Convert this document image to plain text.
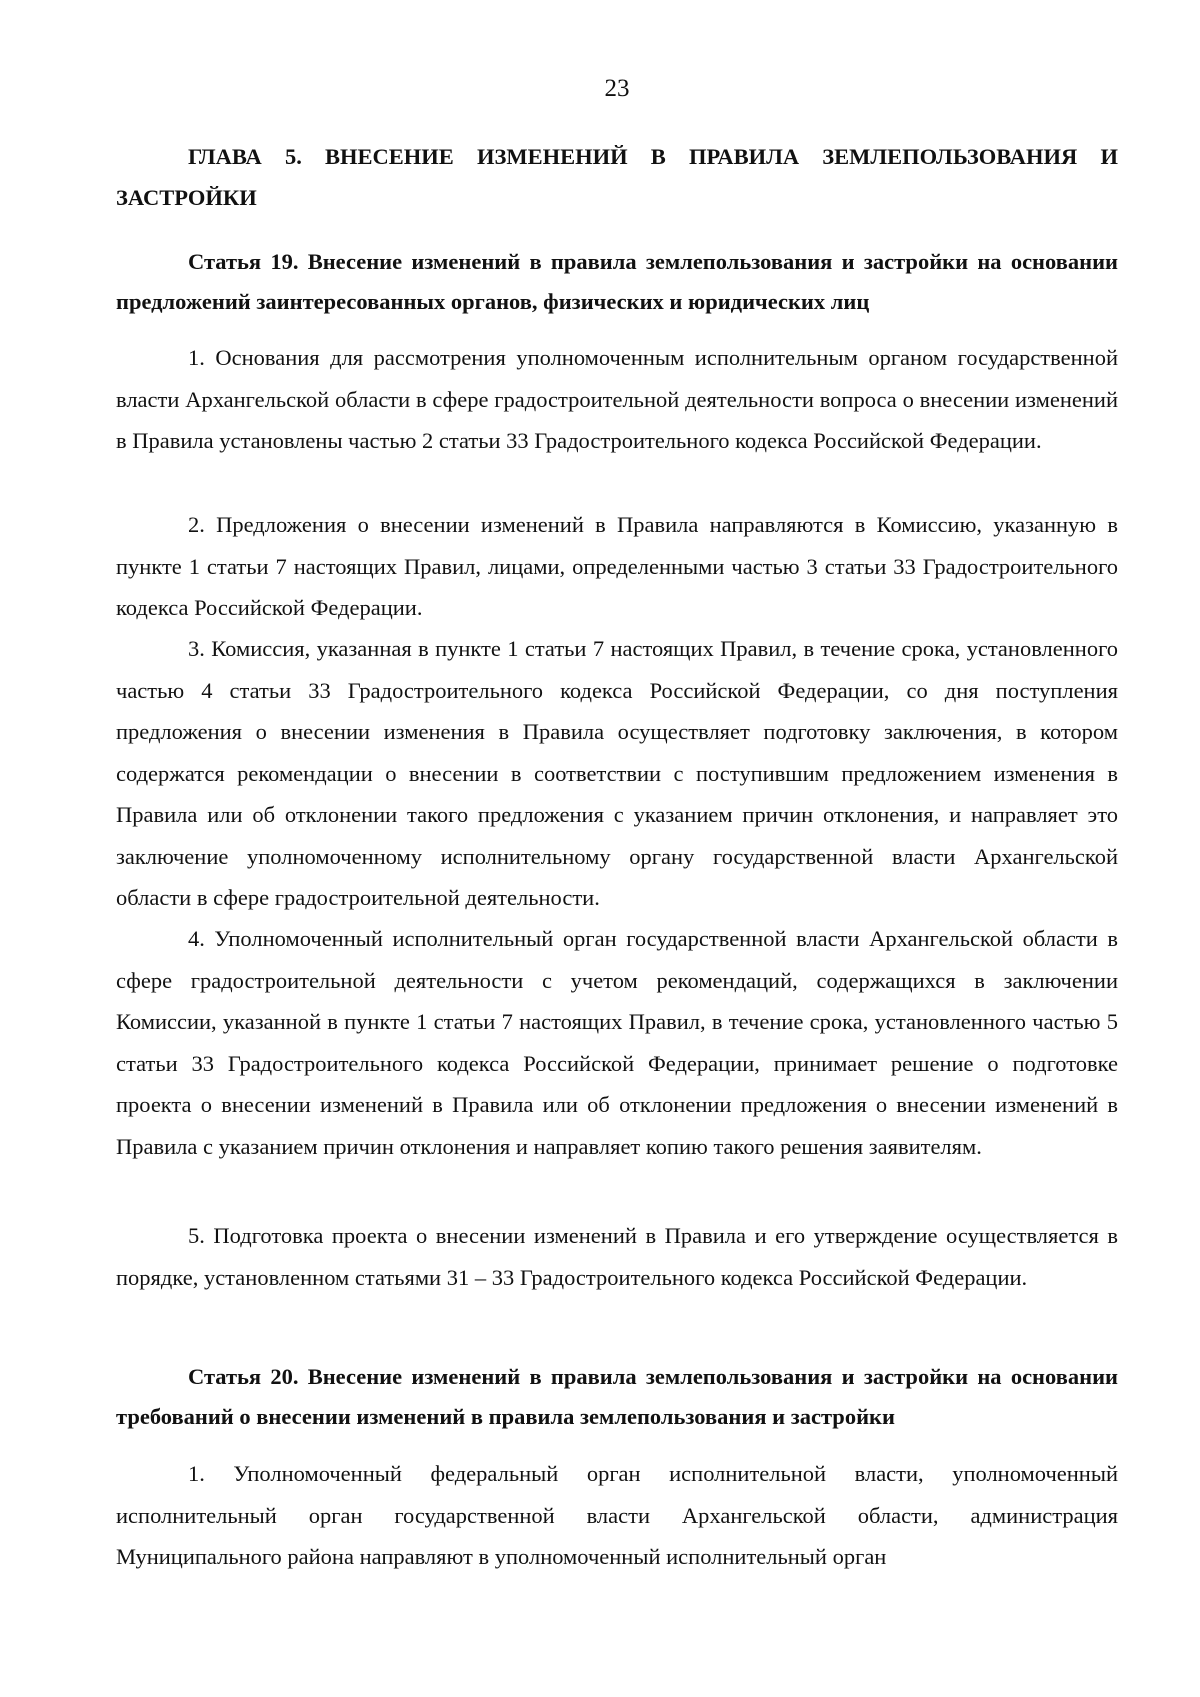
23
ГЛАВА 5. ВНЕСЕНИЕ ИЗМЕНЕНИЙ В ПРАВИЛА ЗЕМЛЕПОЛЬЗОВАНИЯ И ЗАСТРОЙКИ
Статья 19. Внесение изменений в правила землепользования и застройки на основании предложений заинтересованных органов, физических и юридических лиц

1. Основания для рассмотрения уполномоченным исполнительным органом государственной власти Архангельской области в сфере градостроительной деятельности вопроса о внесении изменений в Правила установлены частью 2 статьи 33 Градостроительного кодекса Российской Федерации.

2. Предложения о внесении изменений в Правила направляются в Комиссию, указанную в пункте 1 статьи 7 настоящих Правил, лицами, определенными частью 3 статьи 33 Градостроительного кодекса Российской Федерации.

3. Комиссия, указанная в пункте 1 статьи 7 настоящих Правил, в течение срока, установленного частью 4 статьи 33 Градостроительного кодекса Российской Федерации, со дня поступления предложения о внесении изменения в Правила осуществляет подготовку заключения, в котором содержатся рекомендации о внесении в соответствии с поступившим предложением изменения в Правила или об отклонении такого предложения с указанием причин отклонения, и направляет это заключение уполномоченному исполнительному органу государственной власти Архангельской области в сфере градостроительной деятельности.

4. Уполномоченный исполнительный орган государственной власти Архангельской области в сфере градостроительной деятельности с учетом рекомендаций, содержащихся в заключении Комиссии, указанной в пункте 1 статьи 7 настоящих Правил, в течение срока, установленного частью 5 статьи 33 Градостроительного кодекса Российской Федерации, принимает решение о подготовке проекта о внесении изменений в Правила или об отклонении предложения о внесении изменений в Правила с указанием причин отклонения и направляет копию такого решения заявителям.

5. Подготовка проекта о внесении изменений в Правила и его утверждение осуществляется в порядке, установленном статьями 31 – 33 Градостроительного кодекса Российской Федерации.

Статья 20. Внесение изменений в правила землепользования и застройки на основании требований о внесении изменений в правила землепользования и застройки

1. Уполномоченный федеральный орган исполнительной власти, уполномоченный исполнительный орган государственной власти Архангельской области, администрация Муниципального района направляют в уполномоченный исполнительный орган
